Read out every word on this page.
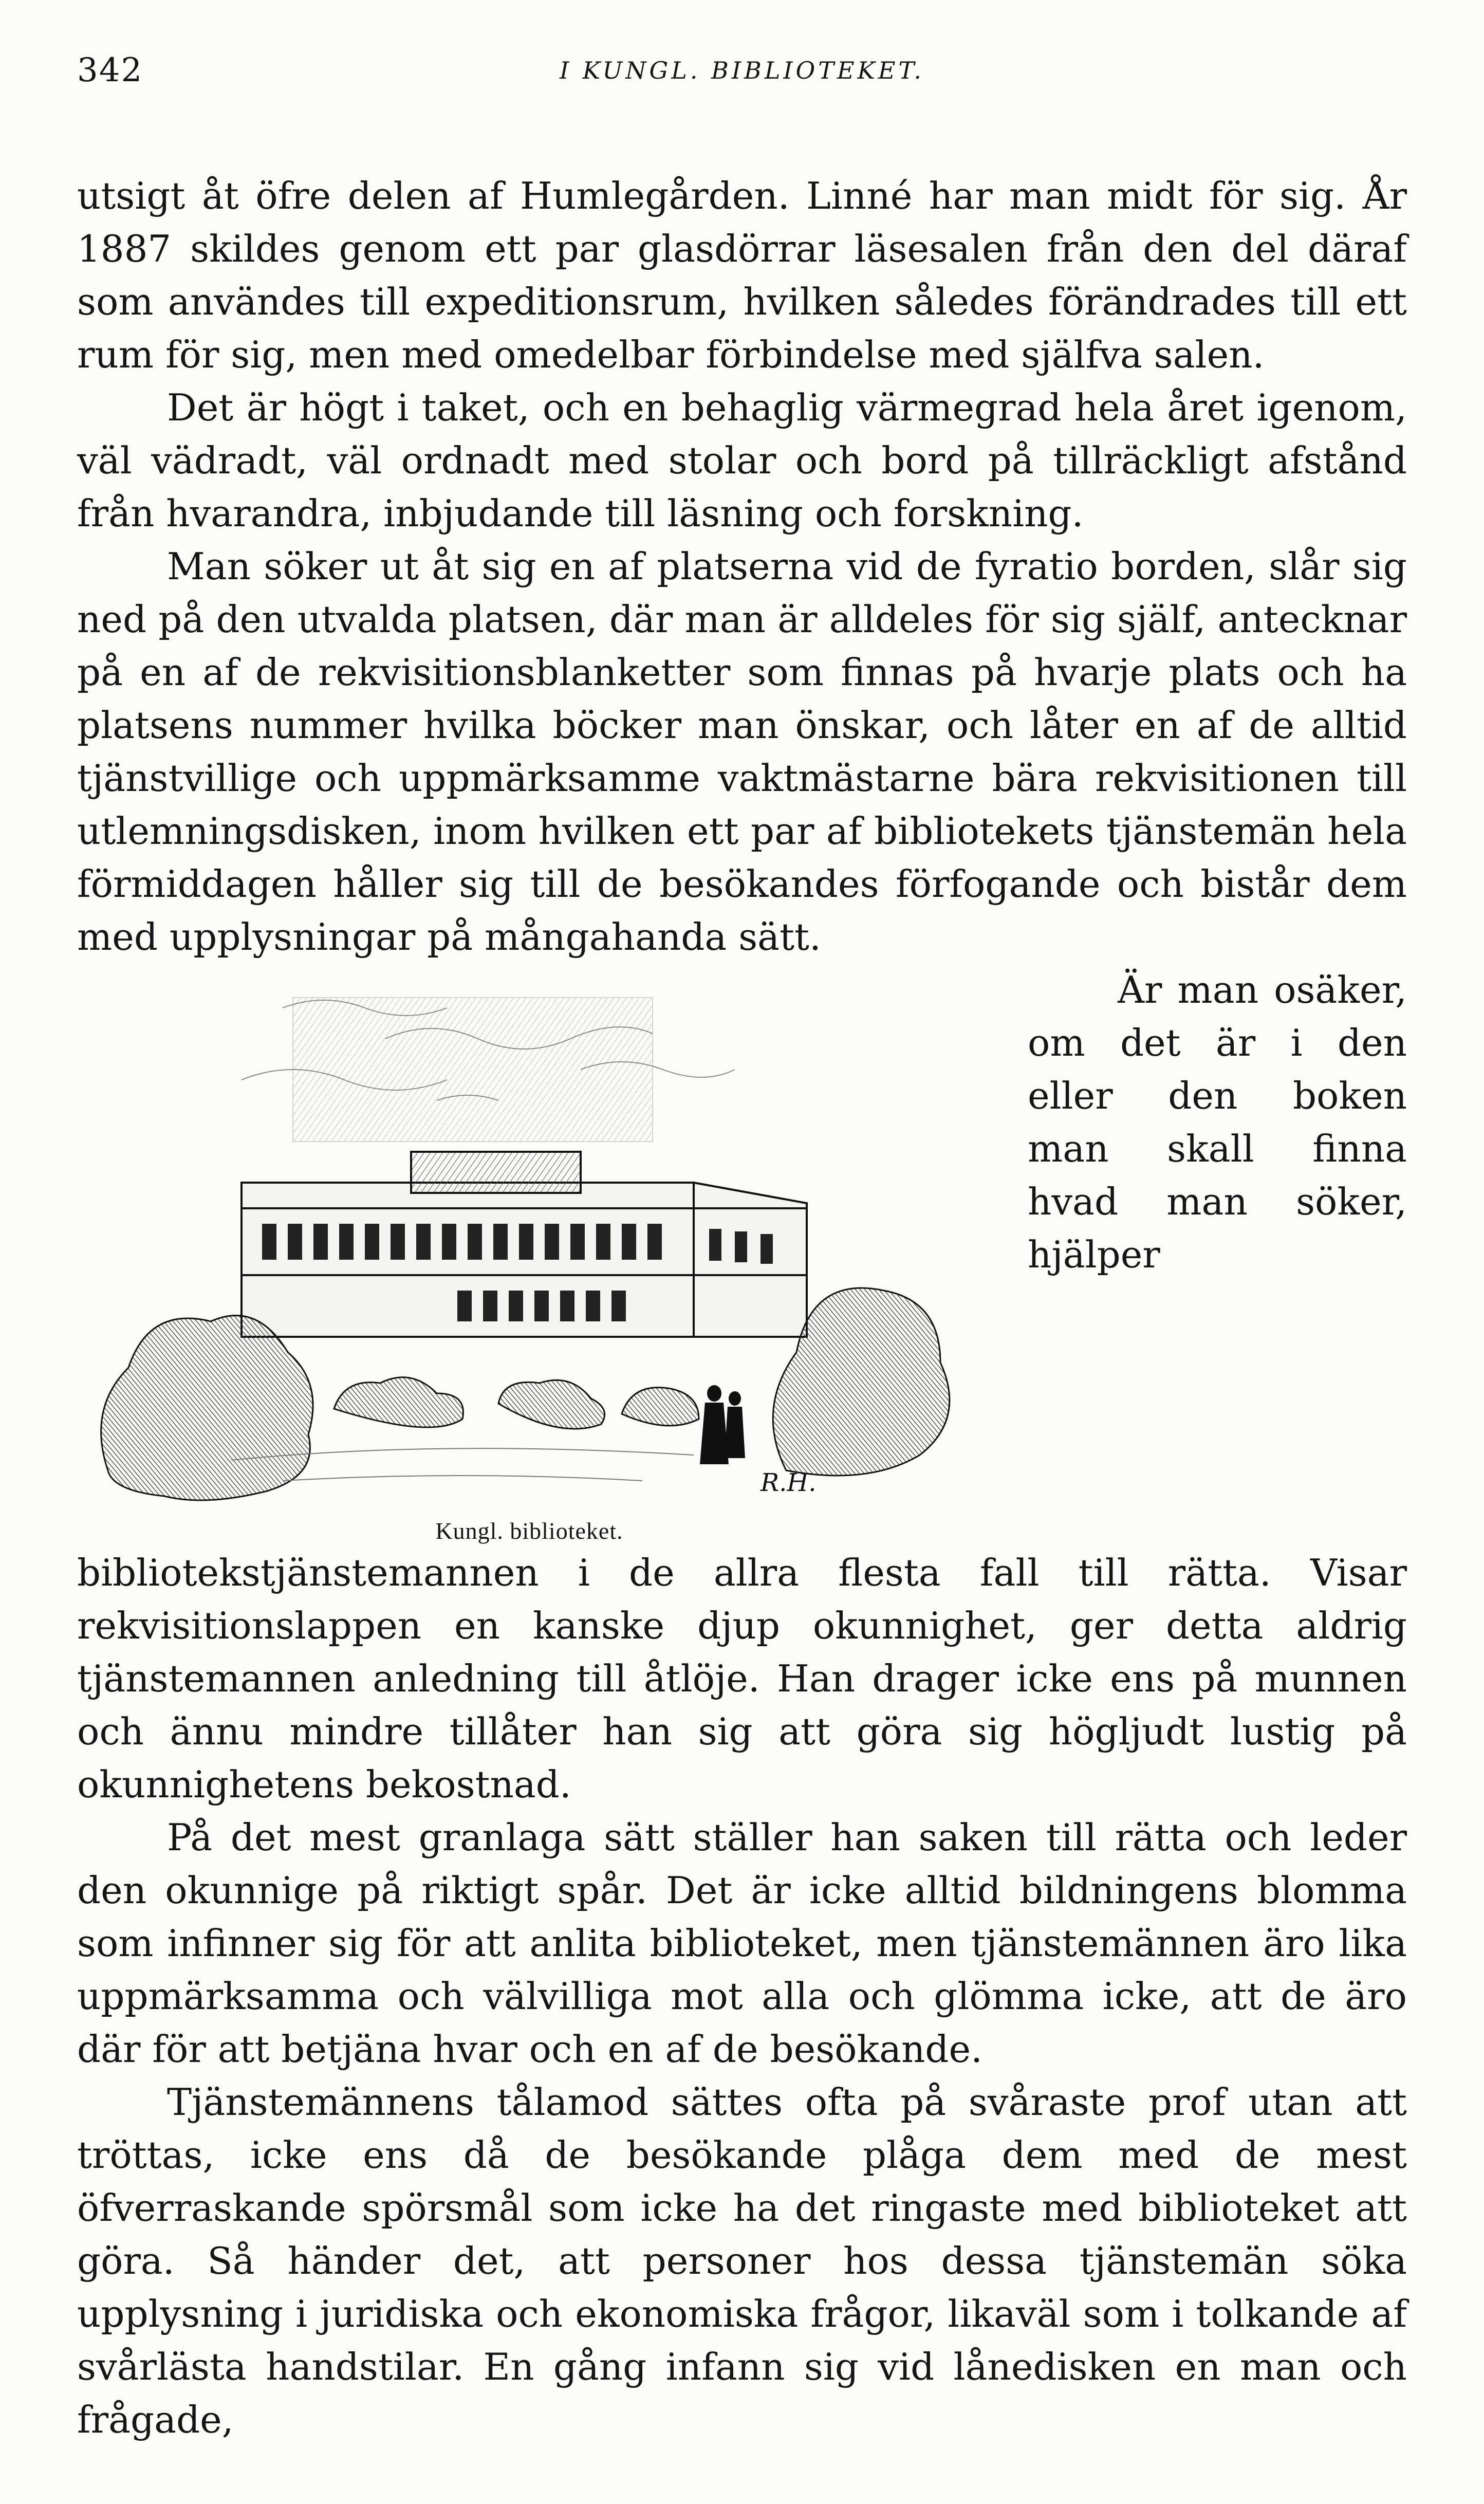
342	I KUNGL. BIBLIOTEKET.

utsigt åt öfre delen af Humlegården. Linné har man midt för sig. År 1887 skildes genom ett par glasdörrar läsesalen från den del däraf som användes till expeditionsrum, hvilken således förändrades till ett rum för sig, men med omedelbar förbindelse med själfva salen.

Det är högt i taket, och en behaglig värmegrad hela året igenom, väl vädradt, väl ordnadt med stolar och bord på tillräckligt afstånd från hvarandra, inbjudande till läsning och forskning.

Man söker ut åt sig en af platserna vid de fyratio borden, slår sig ned på den utvalda platsen, där man är alldeles för sig själf, antecknar på en af de rekvisitionsblanketter som finnas på hvarje plats och ha platsens nummer hvilka böcker man önskar, och låter en af de alltid tjänstvillige och uppmärksamme vaktmästarne bära rekvisitionen till utlemningsdisken, inom hvilken ett par af bibliotekets tjänstemän hela förmiddagen håller sig till de besökandes förfogande och bistår dem med upplysningar på mångahanda sätt.

R.H.
Kungl. biblioteket.

Är man osäker, om det är i den eller den boken man skall finna hvad man söker, hjälper bibliotekstjänstemannen i de allra flesta fall till rätta. Visar rekvisitionslappen en kanske djup okunnighet, ger detta aldrig tjänstemannen anledning till åtlöje. Han drager icke ens på munnen och ännu mindre tillåter han sig att göra sig högljudt lustig på okunnighetens bekostnad.

På det mest granlaga sätt ställer han saken till rätta och leder den okunnige på riktigt spår. Det är icke alltid bildningens blomma som infinner sig för att anlita biblioteket, men tjänstemännen äro lika uppmärksamma och välvilliga mot alla och glömma icke, att de äro där för att betjäna hvar och en af de besökande.

Tjänstemännens tålamod sättes ofta på svåraste prof utan att tröttas, icke ens då de besökande plåga dem med de mest öfverraskande spörsmål som icke ha det ringaste med biblioteket att göra. Så händer det, att personer hos dessa tjänstemän söka upplysning i juridiska och ekonomiska frågor, likaväl som i tolkande af svårlästa handstilar. En gång infann sig vid lånedisken en man och frågade,
